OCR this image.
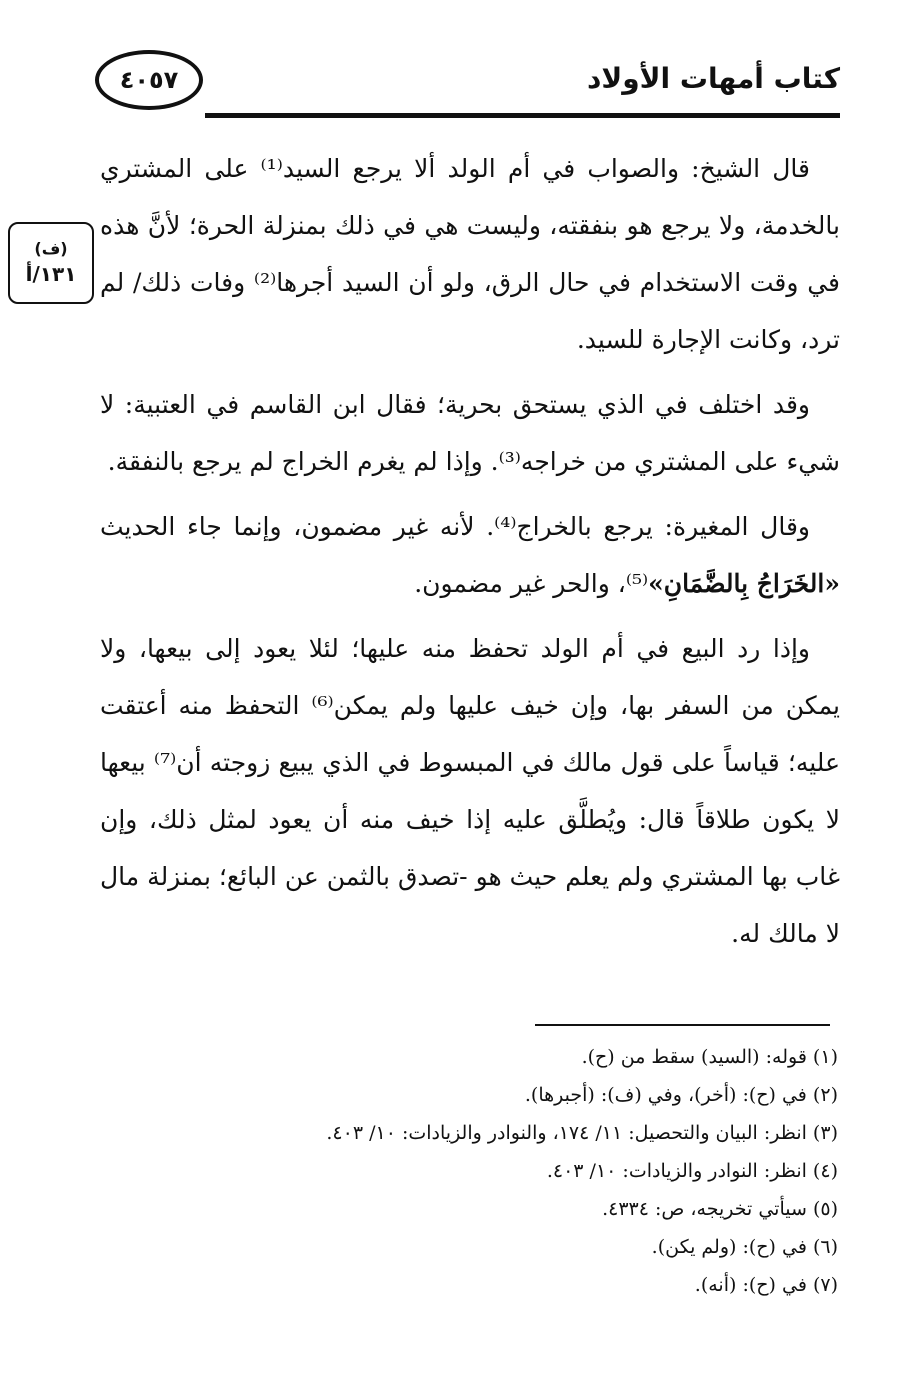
٤٠٥٧	كتاب أمهات الأولاد
(ف)
١٣١/أ

قال الشيخ: والصواب في أم الولد ألا يرجع السيد⁽¹⁾ على المشتري بالخدمة، ولا يرجع هو بنفقته، وليست هي في ذلك بمنزلة الحرة؛ لأنَّ هذه في وقت الاستخدام في حال الرق، ولو أن السيد أجرها⁽²⁾ وفات ذلك/ لم ترد، وكانت الإجارة للسيد.

وقد اختلف في الذي يستحق بحرية؛ فقال ابن القاسم في العتبية: لا شيء على المشتري من خراجه⁽³⁾. وإذا لم يغرم الخراج لم يرجع بالنفقة.

وقال المغيرة: يرجع بالخراج⁽⁴⁾. لأنه غير مضمون، وإنما جاء الحديث «الخَرَاجُ بِالضَّمَانِ»⁽⁵⁾، والحر غير مضمون.

وإذا رد البيع في أم الولد تحفظ منه عليها؛ لئلا يعود إلى بيعها، ولا يمكن من السفر بها، وإن خيف عليها ولم يمكن⁽⁶⁾ التحفظ منه أعتقت عليه؛ قياساً على قول مالك في المبسوط في الذي يبيع زوجته أن⁽⁷⁾ بيعها لا يكون طلاقاً قال: ويُطلَّق عليه إذا خيف منه أن يعود لمثل ذلك، وإن غاب بها المشتري ولم يعلم حيث هو -تصدق بالثمن عن البائع؛ بمنزلة مال لا مالك له.

(١) قوله: (السيد) سقط من (ح).
(٢) في (ح): (أخر)، وفي (ف): (أجبرها).
(٣) انظر: البيان والتحصيل: ١١/ ١٧٤، والنوادر والزيادات: ١٠/ ٤٠٣.
(٤) انظر: النوادر والزيادات: ١٠/ ٤٠٣.
(٥) سيأتي تخريجه، ص: ٤٣٣٤.
(٦) في (ح): (ولم يكن).
(٧) في (ح): (أنه).
